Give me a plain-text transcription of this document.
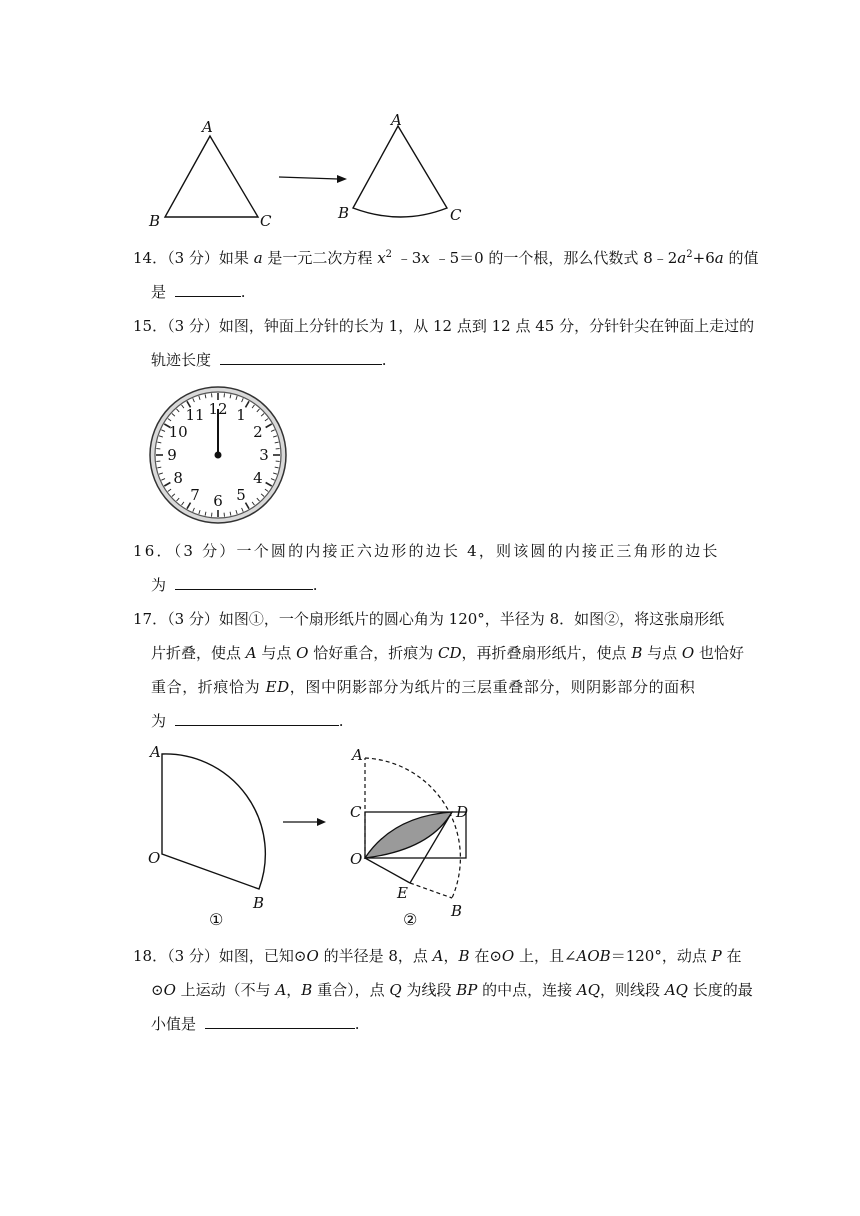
A
B	C
A
B	C
14．（3 分）如果 a 是一元二次方程 $x^2$ ﹣3x ﹣5＝0 的一个根，那么代数式 $8﹣2a^2+6a$ 的值
是	.
15．（3 分）如图，钟面上分针的长为 1，从 12 点到 12 点 45 分，分针针尖在钟面上走过的
轨迹长度	.
12 1
2
3
4
5
6
7
8
9
10
11
16．（3 分）一个圆的内接正六边形的边长 4，则该圆的内接正三角形的边长
为	.
17．（3 分）如图①，一个扇形纸片的圆心角为 120°，半径为 8．如图②，将这张扇形纸
片折叠，使点 A 与点 O 恰好重合，折痕为 CD，再折叠扇形纸片，使点 B 与点 O 也恰好
重合，折痕恰为 ED，图中阴影部分为纸片的三层重叠部分，则阴影部分的面积
为	.
A
O
B
①
A
C	D
O
E
B
②
18．（3 分）如图，已知⊙O 的半径是 8，点 A，B 在⊙O 上，且∠AOB＝120°，动点 P 在
⊙O 上运动（不与 A，B 重合），点 Q 为线段 BP 的中点，连接 AQ，则线段 AQ 长度的最
小值是	.
